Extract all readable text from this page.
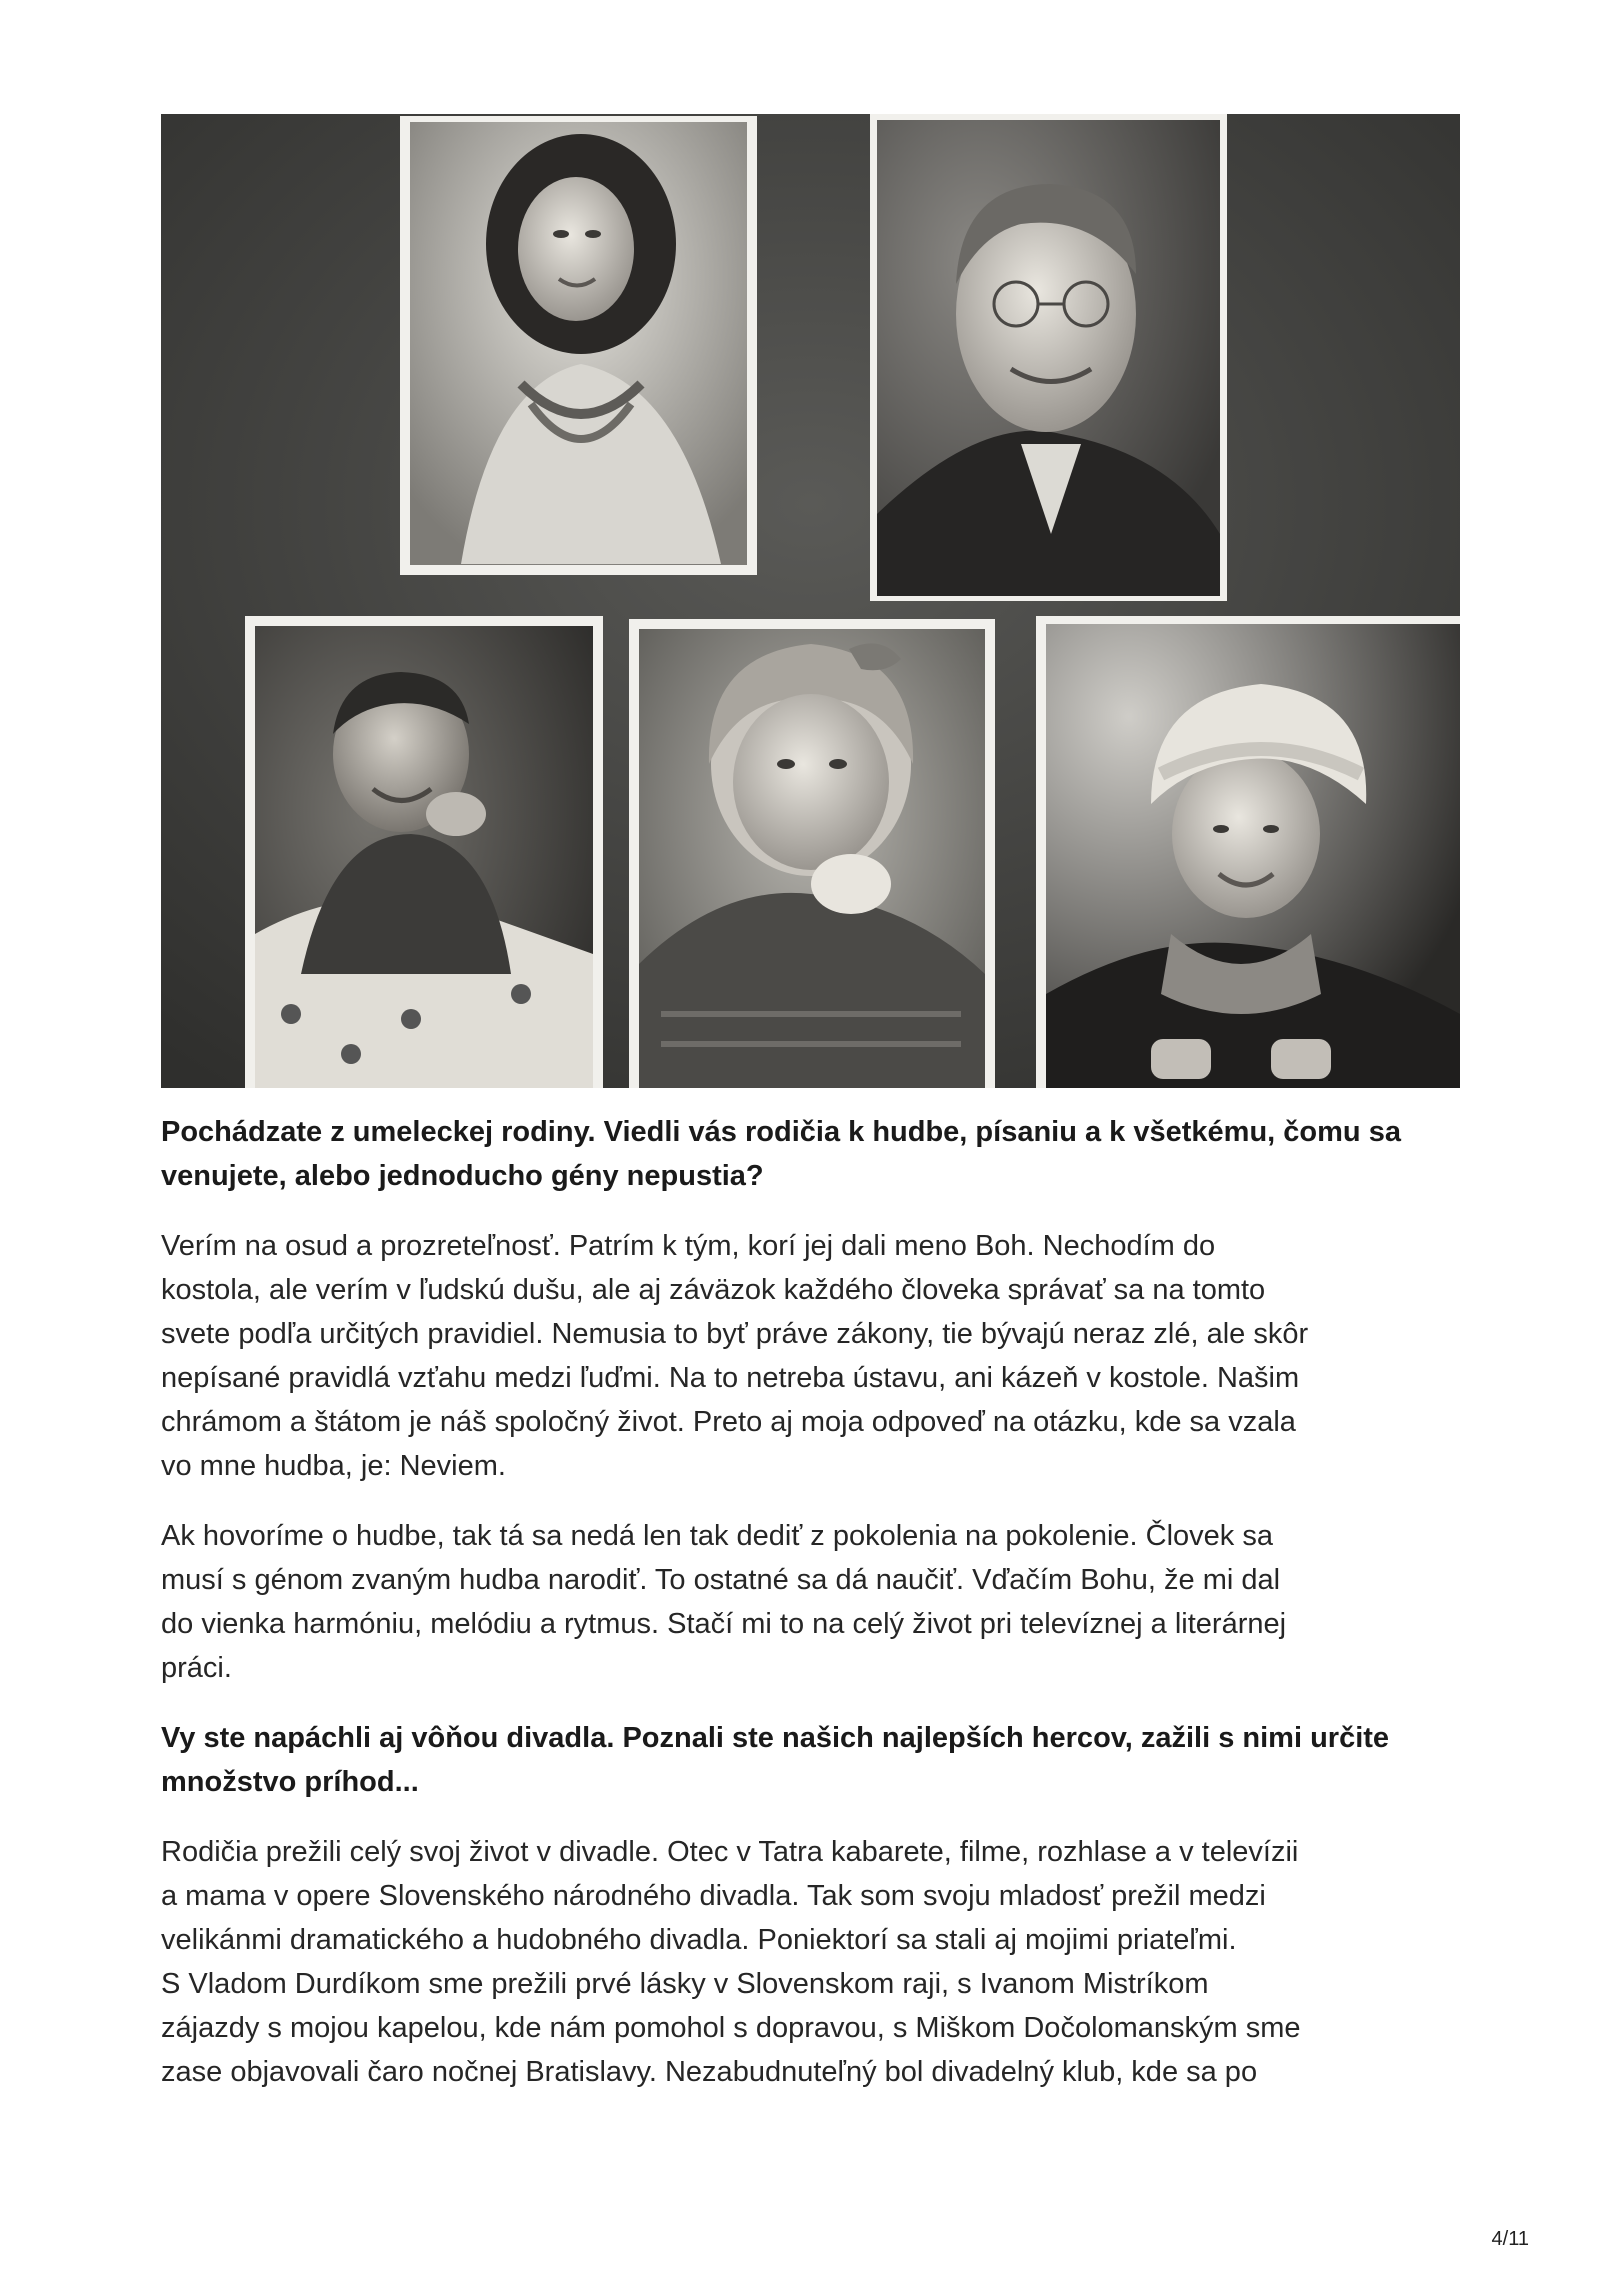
Pochádzate z umeleckej rodiny. Viedli vás rodičia k hudbe, písaniu a k všetkému, čomu sa venujete, alebo jednoducho gény nepustia?

Verím na osud a prozreteľnosť. Patrím k tým, korí jej dali meno Boh. Nechodím do
kostola, ale verím v ľudskú dušu, ale aj záväzok každého človeka správať sa na tomto
svete podľa určitých pravidiel. Nemusia to byť práve zákony, tie bývajú neraz zlé, ale skôr
nepísané pravidlá vzťahu medzi ľuďmi. Na to netreba ústavu, ani kázeň v kostole. Našim
chrámom a štátom je náš spoločný život. Preto aj moja odpoveď na otázku, kde sa vzala
vo mne hudba, je: Neviem.

Ak hovoríme o hudbe, tak tá sa nedá len tak dediť z pokolenia na pokolenie. Človek sa
musí s génom zvaným hudba narodiť. To ostatné sa dá naučiť. Vďačím Bohu, že mi dal
do vienka harmóniu, melódiu a rytmus. Stačí mi to na celý život pri televíznej a literárnej
práci.

Vy ste napáchli aj vôňou divadla. Poznali ste našich najlepších hercov, zažili s nimi určite množstvo príhod...

Rodičia prežili celý svoj život v divadle. Otec v Tatra kabarete, filme, rozhlase a v televízii
a mama v opere Slovenského národného divadla. Tak som svoju mladosť prežil medzi
velikánmi dramatického a hudobného divadla. Poniektorí sa stali aj mojimi priateľmi.
S Vladom Durdíkom sme prežili prvé lásky v Slovenskom raji, s Ivanom Mistríkom
zájazdy s mojou kapelou, kde nám pomohol s dopravou, s Miškom Dočolomanským sme
zase objavovali čaro nočnej Bratislavy. Nezabudnuteľný bol divadelný klub, kde sa po

4/11
